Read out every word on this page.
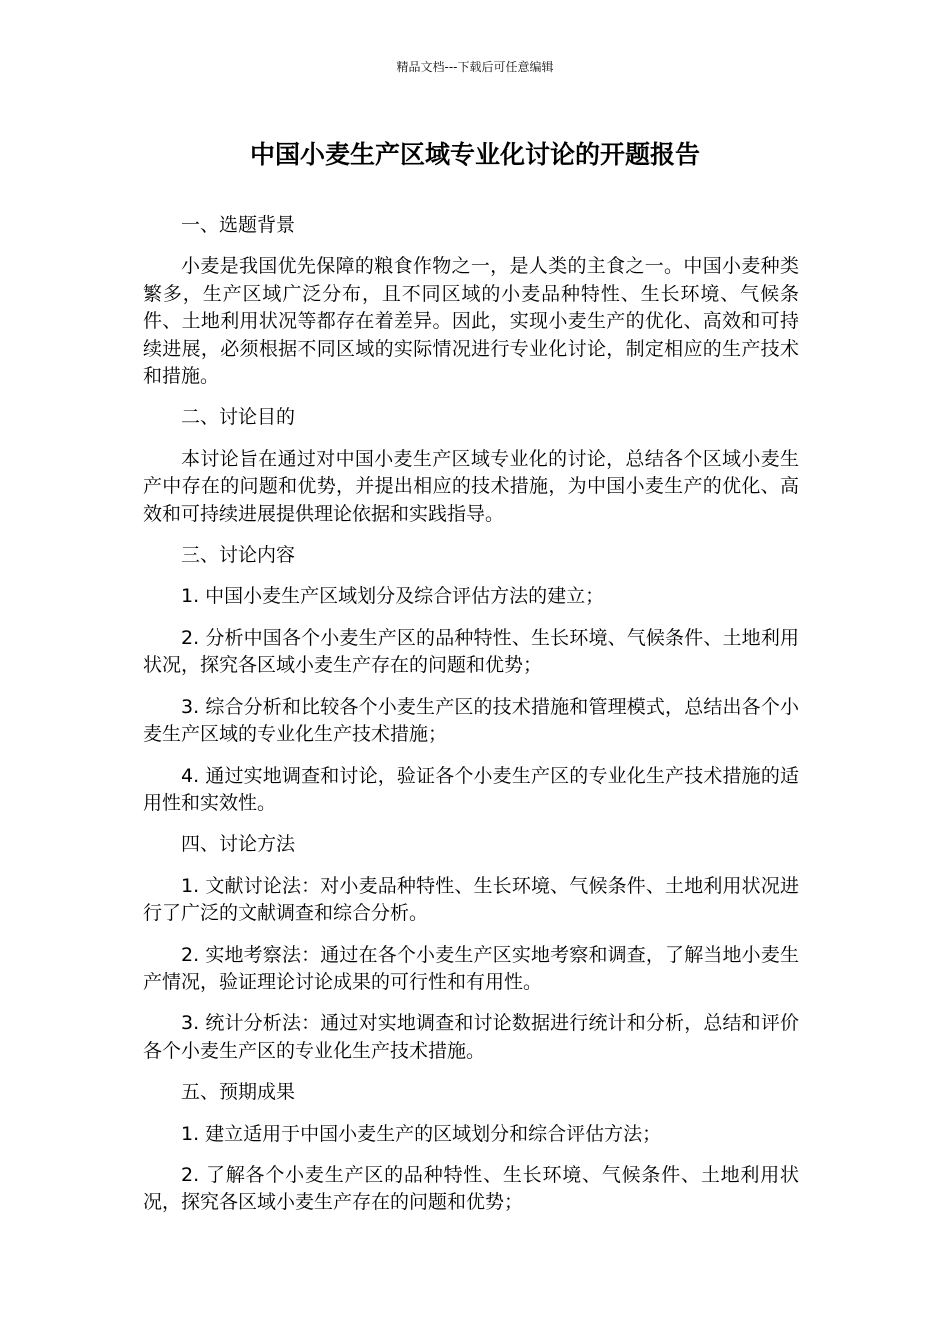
精品文档---下载后可任意编辑
中国小麦生产区域专业化讨论的开题报告

一、选题背景

小麦是我国优先保障的粮食作物之一，是人类的主食之一。中国小麦种类繁多，生产区域广泛分布，且不同区域的小麦品种特性、生长环境、气候条件、土地利用状况等都存在着差异。因此，实现小麦生产的优化、高效和可持续进展，必须根据不同区域的实际情况进行专业化讨论，制定相应的生产技术和措施。

二、讨论目的

本讨论旨在通过对中国小麦生产区域专业化的讨论，总结各个区域小麦生产中存在的问题和优势，并提出相应的技术措施，为中国小麦生产的优化、高效和可持续进展提供理论依据和实践指导。

三、讨论内容

1. 中国小麦生产区域划分及综合评估方法的建立；

2. 分析中国各个小麦生产区的品种特性、生长环境、气候条件、土地利用状况，探究各区域小麦生产存在的问题和优势；

3. 综合分析和比较各个小麦生产区的技术措施和管理模式，总结出各个小麦生产区域的专业化生产技术措施；

4. 通过实地调查和讨论，验证各个小麦生产区的专业化生产技术措施的适用性和实效性。

四、讨论方法

1. 文献讨论法：对小麦品种特性、生长环境、气候条件、土地利用状况进行了广泛的文献调查和综合分析。

2. 实地考察法：通过在各个小麦生产区实地考察和调查，了解当地小麦生产情况，验证理论讨论成果的可行性和有用性。

3. 统计分析法：通过对实地调查和讨论数据进行统计和分析，总结和评价各个小麦生产区的专业化生产技术措施。

五、预期成果

1. 建立适用于中国小麦生产的区域划分和综合评估方法；

2. 了解各个小麦生产区的品种特性、生长环境、气候条件、土地利用状况，探究各区域小麦生产存在的问题和优势；
